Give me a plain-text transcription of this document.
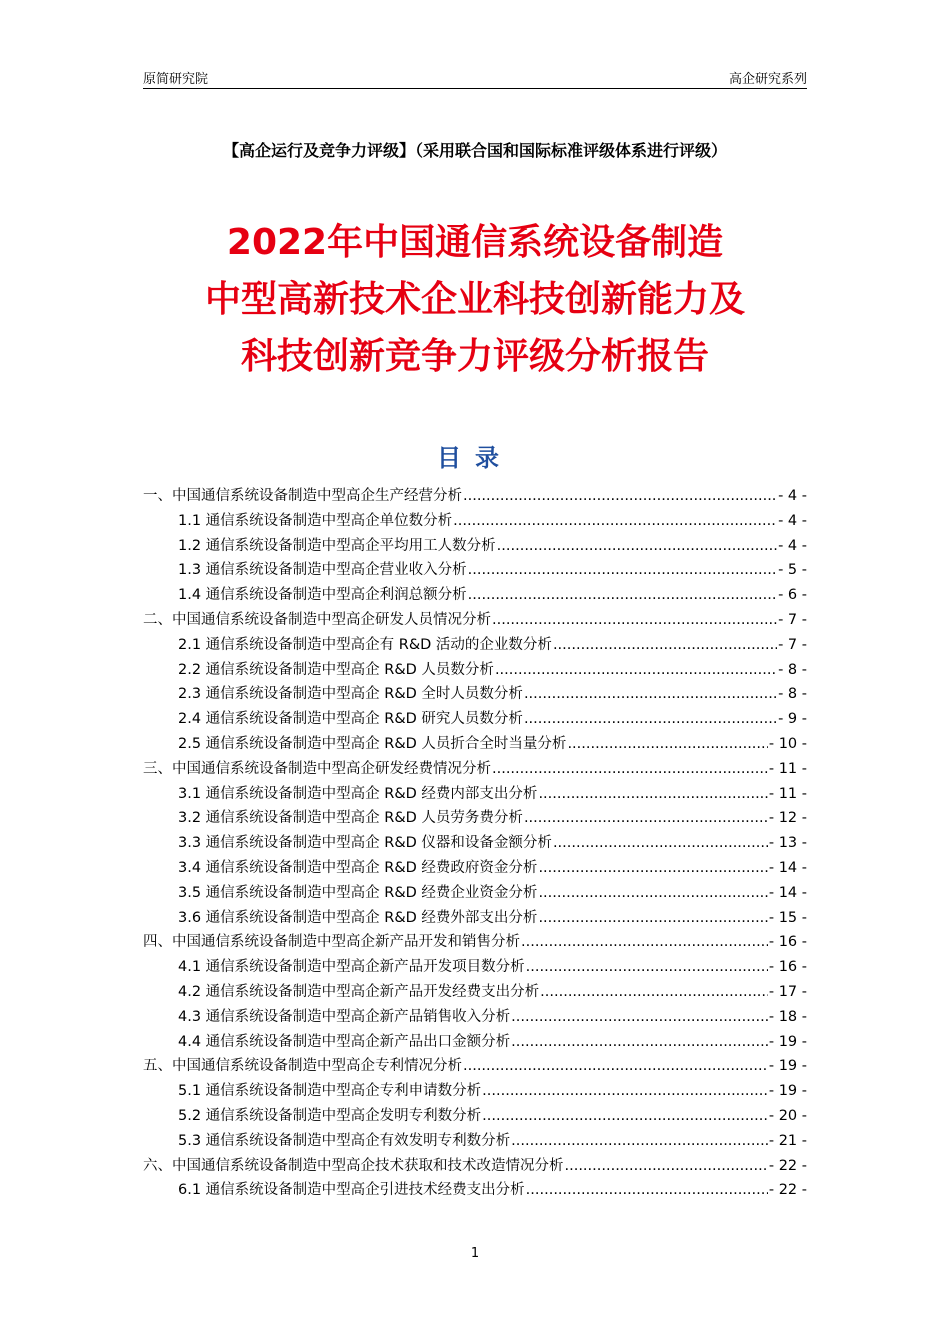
原简研究院	高企研究系列
【高企运行及竞争力评级】（采用联合国和国际标准评级体系进行评级）
2022年中国通信系统设备制造
中型高新技术企业科技创新能力及
科技创新竞争力评级分析报告
目录
一、中国通信系统设备制造中型高企生产经营分析 .....	- 4 -
1.1 通信系统设备制造中型高企单位数分析 .....	- 4 -
1.2 通信系统设备制造中型高企平均用工人数分析 .....	- 4 -
1.3 通信系统设备制造中型高企营业收入分析 .....	- 5 -
1.4 通信系统设备制造中型高企利润总额分析 .....	- 6 -
二、中国通信系统设备制造中型高企研发人员情况分析 .....	- 7 -
2.1 通信系统设备制造中型高企有 R&D 活动的企业数分析 .....	- 7 -
2.2 通信系统设备制造中型高企 R&D 人员数分析 .....	- 8 -
2.3 通信系统设备制造中型高企 R&D 全时人员数分析 .....	- 8 -
2.4 通信系统设备制造中型高企 R&D 研究人员数分析 .....	- 9 -
2.5 通信系统设备制造中型高企 R&D 人员折合全时当量分析 .....	- 10 -
三、中国通信系统设备制造中型高企研发经费情况分析 .....	- 11 -
3.1 通信系统设备制造中型高企 R&D 经费内部支出分析 .....	- 11 -
3.2 通信系统设备制造中型高企 R&D 人员劳务费分析 .....	- 12 -
3.3 通信系统设备制造中型高企 R&D 仪器和设备金额分析 .....	- 13 -
3.4 通信系统设备制造中型高企 R&D 经费政府资金分析 .....	- 14 -
3.5 通信系统设备制造中型高企 R&D 经费企业资金分析 .....	- 14 -
3.6 通信系统设备制造中型高企 R&D 经费外部支出分析 .....	- 15 -
四、中国通信系统设备制造中型高企新产品开发和销售分析 .....	- 16 -
4.1 通信系统设备制造中型高企新产品开发项目数分析 .....	- 16 -
4.2 通信系统设备制造中型高企新产品开发经费支出分析 .....	- 17 -
4.3 通信系统设备制造中型高企新产品销售收入分析 .....	- 18 -
4.4 通信系统设备制造中型高企新产品出口金额分析 .....	- 19 -
五、中国通信系统设备制造中型高企专利情况分析 .....	- 19 -
5.1 通信系统设备制造中型高企专利申请数分析 .....	- 19 -
5.2 通信系统设备制造中型高企发明专利数分析 .....	- 20 -
5.3 通信系统设备制造中型高企有效发明专利数分析 .....	- 21 -
六、中国通信系统设备制造中型高企技术获取和技术改造情况分析 .....	- 22 -
6.1 通信系统设备制造中型高企引进技术经费支出分析 .....	- 22 -
1
